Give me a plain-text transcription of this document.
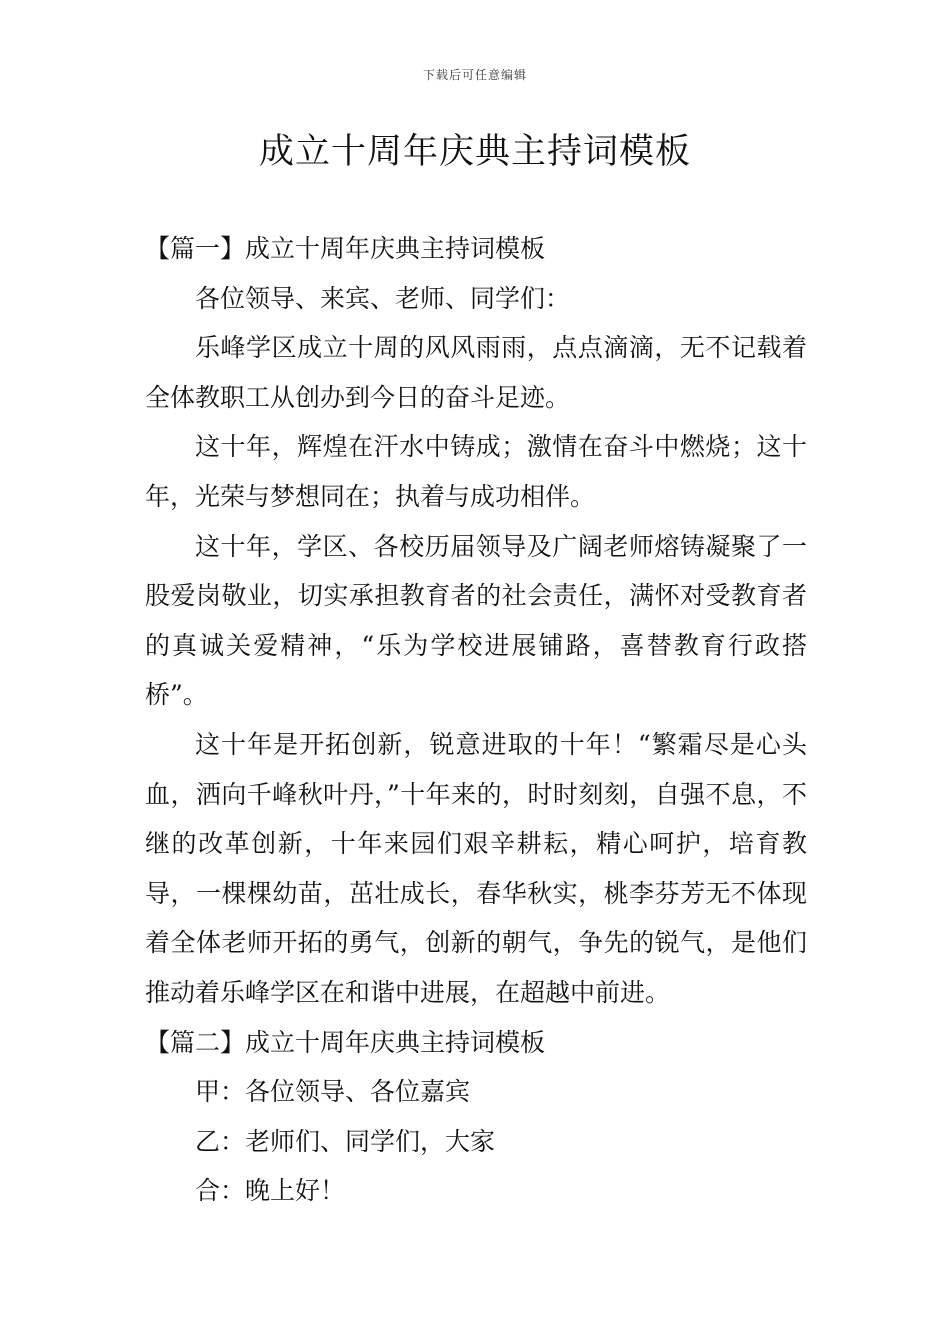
下载后可任意编辑
成立十周年庆典主持词模板

【篇一】成立十周年庆典主持词模板

各位领导、来宾、老师、同学们：

乐峰学区成立十周的风风雨雨，点点滴滴，无不记载着全体教职工从创办到今日的奋斗足迹。

这十年，辉煌在汗水中铸成；激情在奋斗中燃烧；这十年，光荣与梦想同在；执着与成功相伴。

这十年，学区、各校历届领导及广阔老师熔铸凝聚了一股爱岗敬业，切实承担教育者的社会责任，满怀对受教育者的真诚关爱精神，“乐为学校进展铺路，喜替教育行政搭桥”。

这十年是开拓创新，锐意进取的十年！“繁霜尽是心头血，洒向千峰秋叶丹，”十年来的，时时刻刻，自强不息，不继的改革创新，十年来园们艰辛耕耘，精心呵护，培育教导，一棵棵幼苗，茁壮成长，春华秋实，桃李芬芳无不体现着全体老师开拓的勇气，创新的朝气，争先的锐气，是他们推动着乐峰学区在和谐中进展，在超越中前进。

【篇二】成立十周年庆典主持词模板

甲：各位领导、各位嘉宾

乙：老师们、同学们，大家

合：晚上好！
